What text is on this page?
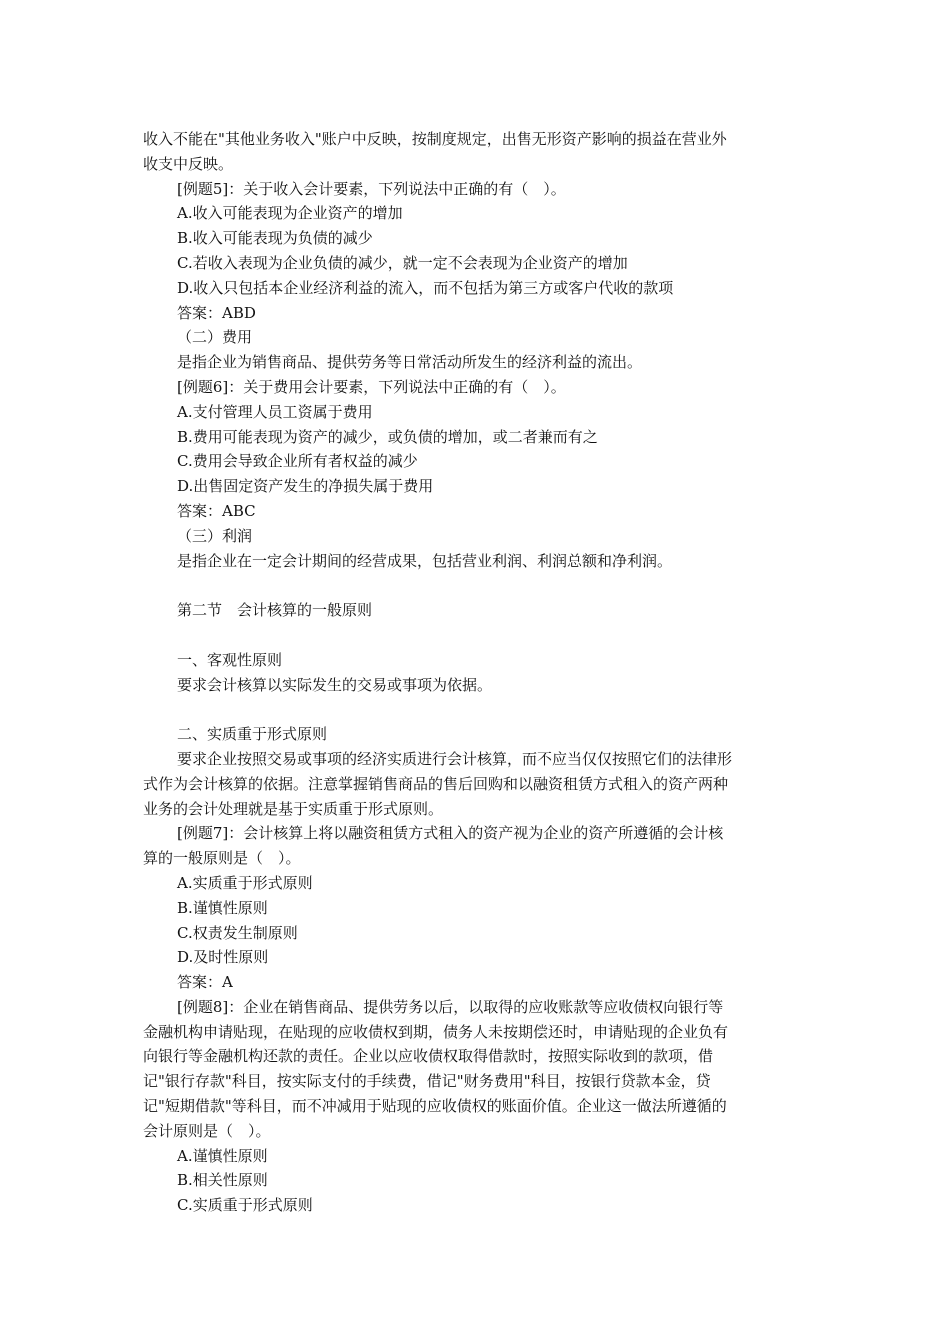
收入不能在"其他业务收入"账户中反映，按制度规定，出售无形资产影响的损益在营业外
收支中反映。
[例题5]：关于收入会计要素，下列说法中正确的有（　）。
A.收入可能表现为企业资产的增加
B.收入可能表现为负债的减少
C.若收入表现为企业负债的减少，就一定不会表现为企业资产的增加
D.收入只包括本企业经济利益的流入，而不包括为第三方或客户代收的款项
答案：ABD
（二）费用
是指企业为销售商品、提供劳务等日常活动所发生的经济利益的流出。
[例题6]：关于费用会计要素，下列说法中正确的有（　）。
A.支付管理人员工资属于费用
B.费用可能表现为资产的减少，或负债的增加，或二者兼而有之
C.费用会导致企业所有者权益的减少
D.出售固定资产发生的净损失属于费用
答案：ABC
（三）利润
是指企业在一定会计期间的经营成果，包括营业利润、利润总额和净利润。
第二节　会计核算的一般原则
一、客观性原则
要求会计核算以实际发生的交易或事项为依据。
二、实质重于形式原则
要求企业按照交易或事项的经济实质进行会计核算，而不应当仅仅按照它们的法律形
式作为会计核算的依据。注意掌握销售商品的售后回购和以融资租赁方式租入的资产两种
业务的会计处理就是基于实质重于形式原则。
[例题7]：会计核算上将以融资租赁方式租入的资产视为企业的资产所遵循的会计核
算的一般原则是（　）。
A.实质重于形式原则
B.谨慎性原则
C.权责发生制原则
D.及时性原则
答案：A
[例题8]：企业在销售商品、提供劳务以后，以取得的应收账款等应收债权向银行等
金融机构申请贴现，在贴现的应收债权到期，债务人未按期偿还时，申请贴现的企业负有
向银行等金融机构还款的责任。企业以应收债权取得借款时，按照实际收到的款项，借
记"银行存款"科目，按实际支付的手续费，借记"财务费用"科目，按银行贷款本金，贷
记"短期借款"等科目，而不冲减用于贴现的应收债权的账面价值。企业这一做法所遵循的
会计原则是（　）。
A.谨慎性原则
B.相关性原则
C.实质重于形式原则
